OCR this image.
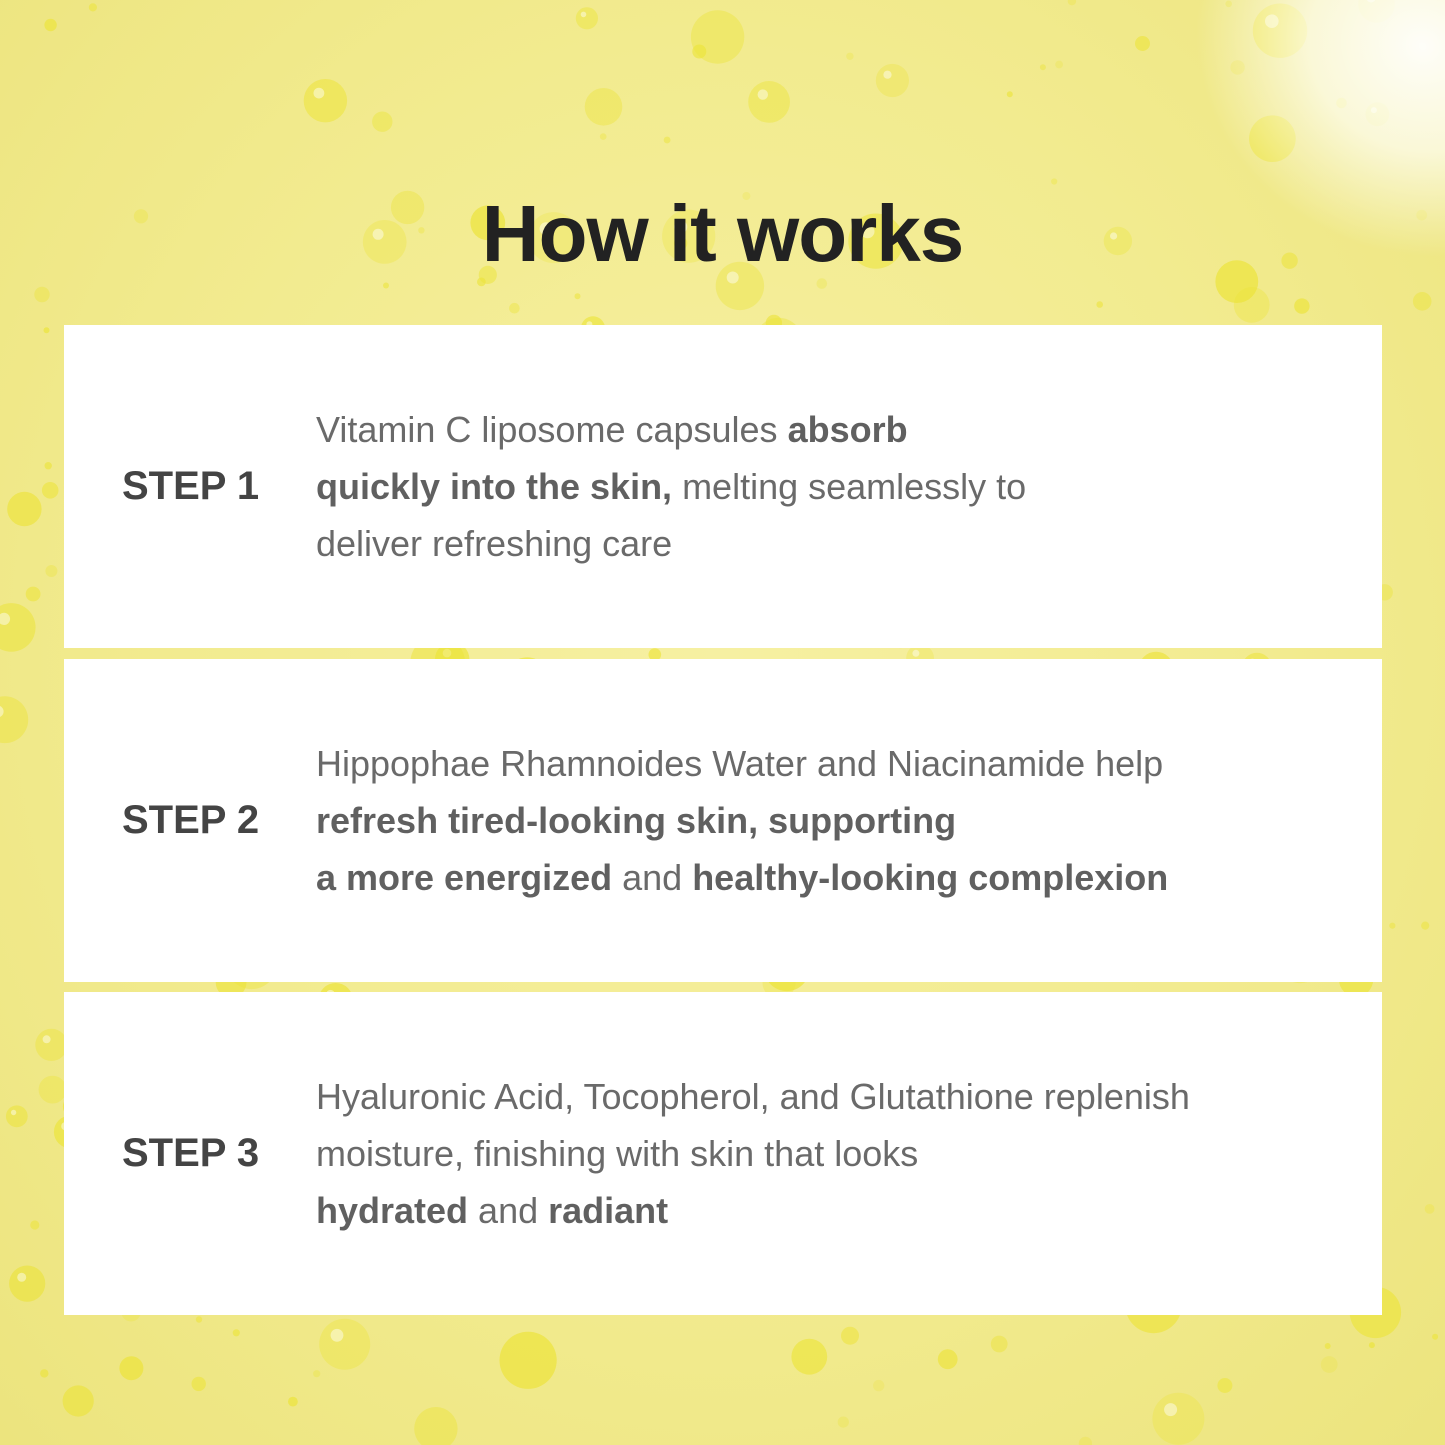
How it works
STEP 1
Vitamin C liposome capsules absorb
quickly into the skin, melting seamlessly to
deliver refreshing care
STEP 2
Hippophae Rhamnoides Water and Niacinamide help
refresh tired-looking skin, supporting
a more energized and healthy-looking complexion
STEP 3
Hyaluronic Acid, Tocopherol, and Glutathione replenish
moisture, finishing with skin that looks
hydrated and radiant
